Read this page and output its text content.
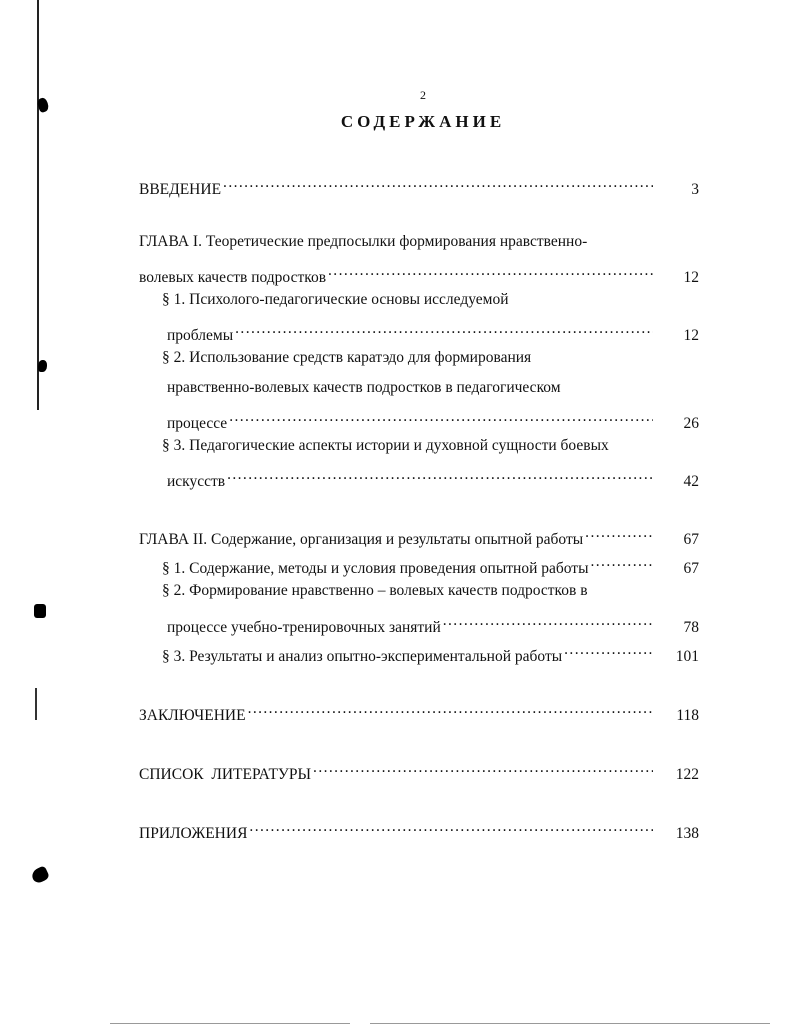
2
СОДЕРЖАНИЕ
ВВЕДЕНИЕ .....	3
ГЛАВА I. Теоретические предпосылки формирования нравственно-
волевых качеств подростков .....	12
§ 1. Психолого-педагогические основы исследуемой
проблемы .....	12
§ 2. Использование средств каратэдо для формирования
нравственно-волевых качеств подростков в педагогическом
процессе .....	26
§ 3. Педагогические аспекты истории и духовной сущности боевых
искусств .....	42
ГЛАВА II. Содержание, организация и результаты опытной работы .....	67
§ 1. Содержание, методы и условия проведения опытной работы .....	67
§ 2. Формирование нравственно – волевых качеств подростков в
процессе учебно-тренировочных занятий .....	78
§ 3. Результаты и анализ опытно-экспериментальной работы .....	101
ЗАКЛЮЧЕНИЕ .....	118
СПИСОК  ЛИТЕРАТУРЫ .....	122
ПРИЛОЖЕНИЯ .....	138
